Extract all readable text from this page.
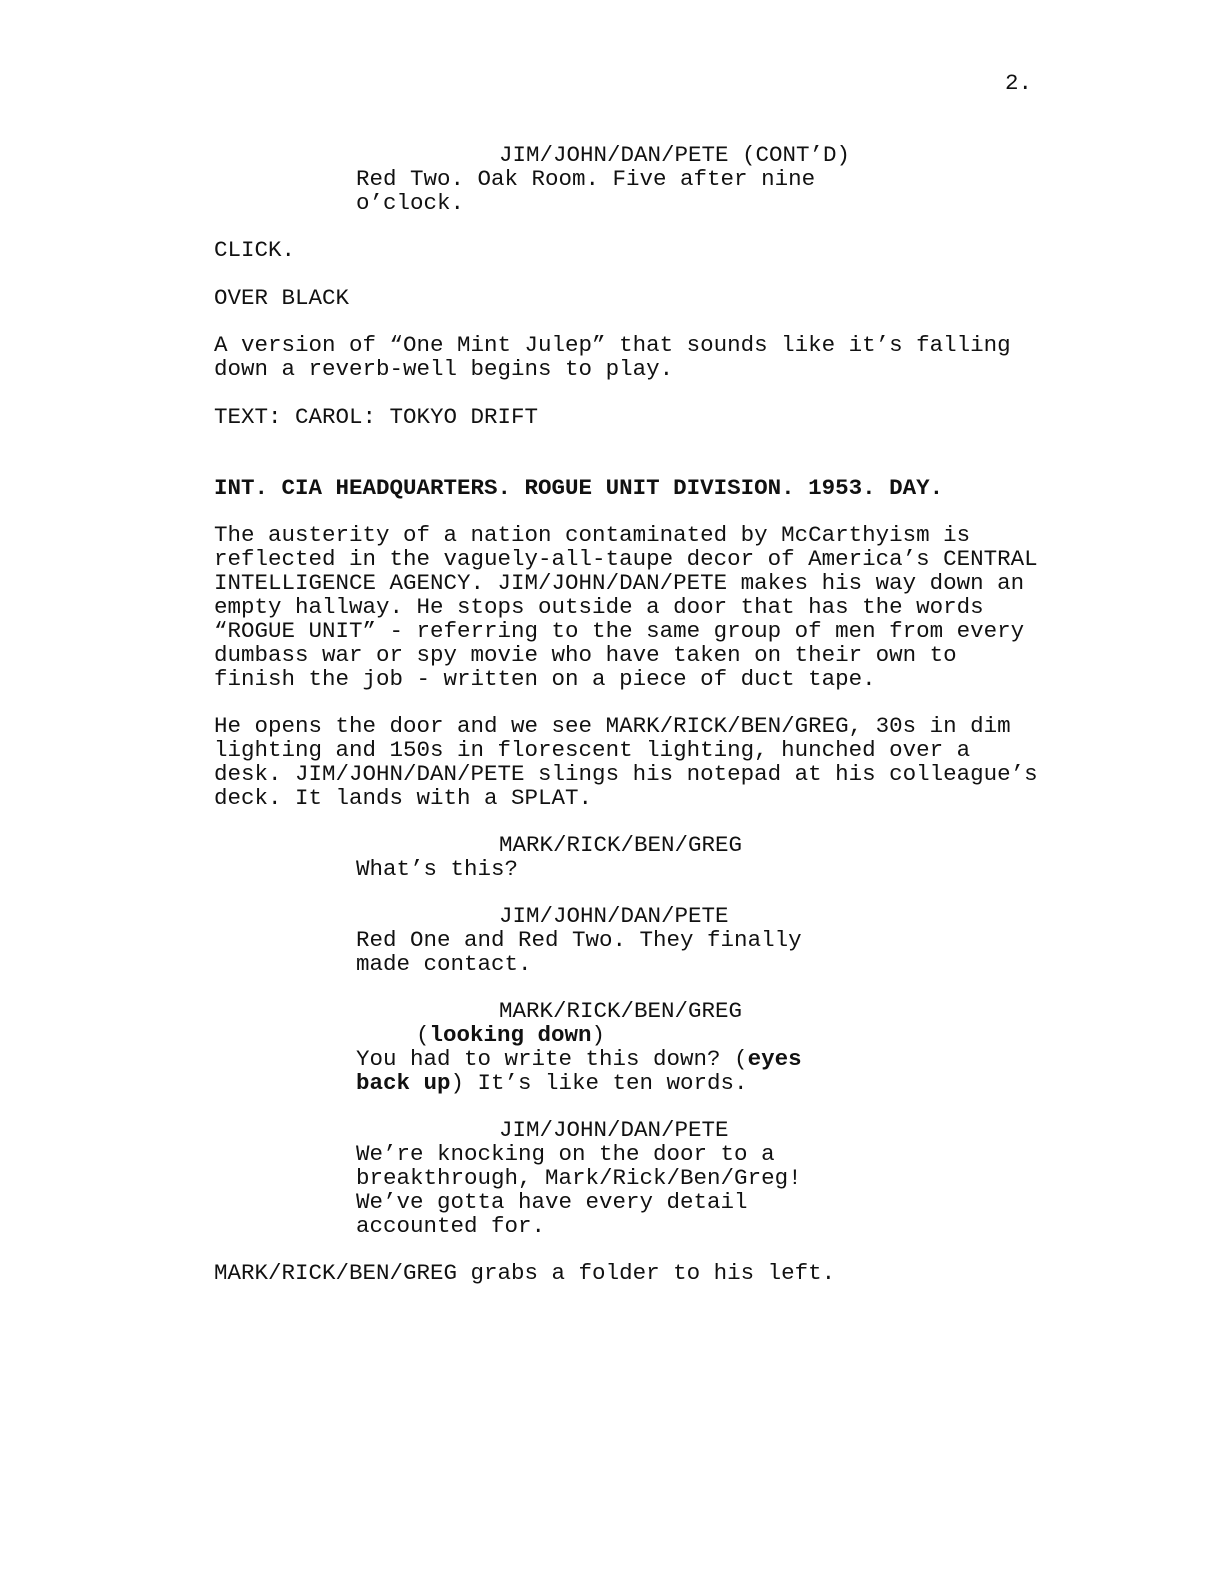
2.
JIM/JOHN/DAN/PETE (CONT’D)
Red Two. Oak Room. Five after nine
o’clock.
CLICK.
OVER BLACK
A version of “One Mint Julep” that sounds like it’s falling
down a reverb-well begins to play.
TEXT: CAROL: TOKYO DRIFT
INT. CIA HEADQUARTERS. ROGUE UNIT DIVISION. 1953. DAY.
The austerity of a nation contaminated by McCarthyism is
reflected in the vaguely-all-taupe decor of America’s CENTRAL
INTELLIGENCE AGENCY. JIM/JOHN/DAN/PETE makes his way down an
empty hallway. He stops outside a door that has the words
“ROGUE UNIT” - referring to the same group of men from every
dumbass war or spy movie who have taken on their own to
finish the job - written on a piece of duct tape.
He opens the door and we see MARK/RICK/BEN/GREG, 30s in dim
lighting and 150s in florescent lighting, hunched over a
desk. JIM/JOHN/DAN/PETE slings his notepad at his colleague’s
deck. It lands with a SPLAT.
MARK/RICK/BEN/GREG
What’s this?
JIM/JOHN/DAN/PETE
Red One and Red Two. They finally
made contact.
MARK/RICK/BEN/GREG
(looking down)
You had to write this down? (eyes
back up) It’s like ten words.
JIM/JOHN/DAN/PETE
We’re knocking on the door to a
breakthrough, Mark/Rick/Ben/Greg!
We’ve gotta have every detail
accounted for.
MARK/RICK/BEN/GREG grabs a folder to his left.
